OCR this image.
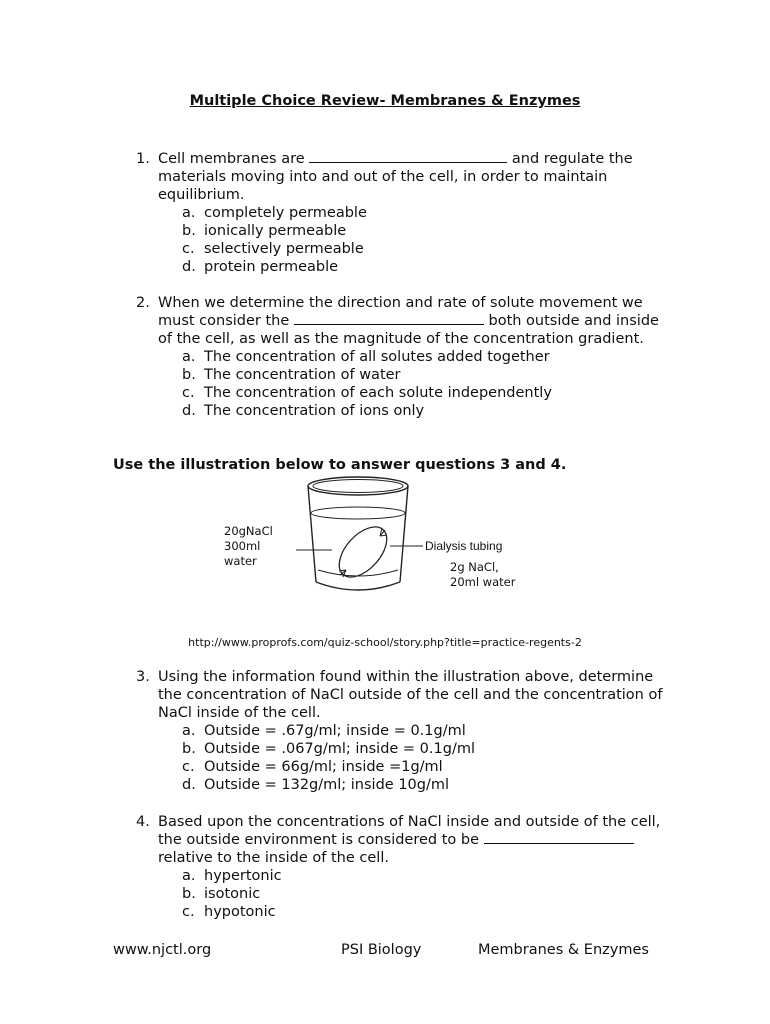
Multiple Choice Review- Membranes & Enzymes
1. Cell membranes are	and regulate the materials moving into and out of the cell, in order to maintain equilibrium.
a. completely permeable
b. ionically permeable
c. selectively permeable
d. protein permeable
2. When we determine the direction and rate of solute movement we must consider the	both outside and inside of the cell, as well as the magnitude of the concentration gradient.
a. The concentration of all solutes added together
b. The concentration of water
c. The concentration of each solute independently
d. The concentration of ions only
Use the illustration below to answer questions 3 and 4.
20gNaCl
300ml
water
Dialysis tubing
2g NaCl,
20ml water
http://www.proprofs.com/quiz-school/story.php?title=practice-regents-2
3. Using the information found within the illustration above, determine the concentration of NaCl outside of the cell and the concentration of NaCl inside of the cell.
a. Outside = .67g/ml; inside = 0.1g/ml
b. Outside = .067g/ml; inside = 0.1g/ml
c. Outside = 66g/ml; inside =1g/ml
d. Outside = 132g/ml; inside 10g/ml
4. Based upon the concentrations of NaCl inside and outside of the cell, the outside environment is considered to be  relative to the inside of the cell.
a. hypertonic
b. isotonic
c. hypotonic
www.njctl.org	PSI Biology	Membranes & Enzymes
